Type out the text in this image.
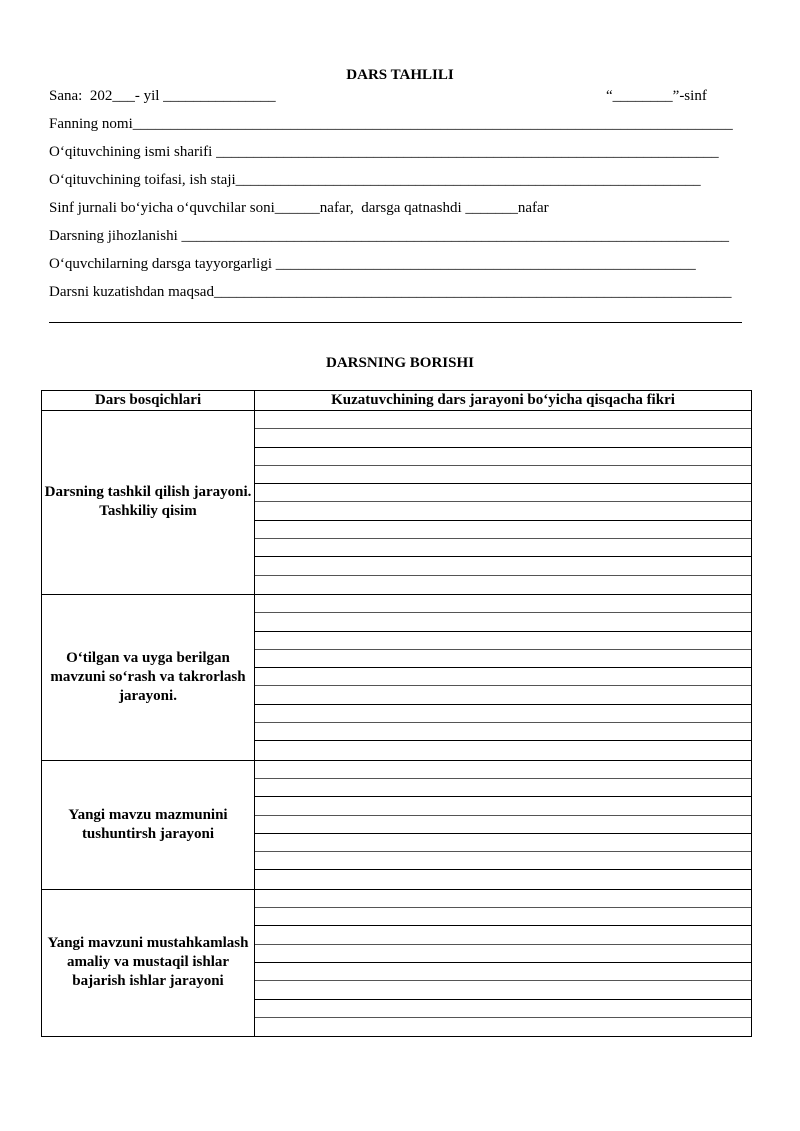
DARS TAHLILI
Sana:  202___- yil _______________	“________”-sinf
Fanning nomi________________________________________________________________________________
O‘qituvchining ismi sharifi ___________________________________________________________________
O‘qituvchining toifasi, ish staji______________________________________________________________
Sinf jurnali bo‘yicha o‘quvchilar soni______nafar,  darsga qatnashdi _______nafar
Darsning jihozlanishi _________________________________________________________________________
O‘quvchilarning darsga tayyorgarligi ________________________________________________________
Darsni kuzatishdan maqsad_____________________________________________________________________
DARSNING BORISHI
Dars bosqichlari	Kuzatuvchining dars jarayoni bo‘yicha qisqacha fikri
Darsning tashkil qilish jarayoni. Tashkiliy qisim	

O‘tilgan va uyga berilgan mavzuni so‘rash va takrorlash jarayoni.	

Yangi mavzu mazmunini tushuntirsh jarayoni	

Yangi mavzuni mustahkamlash amaliy va mustaqil ishlar bajarish ishlar jarayoni	
